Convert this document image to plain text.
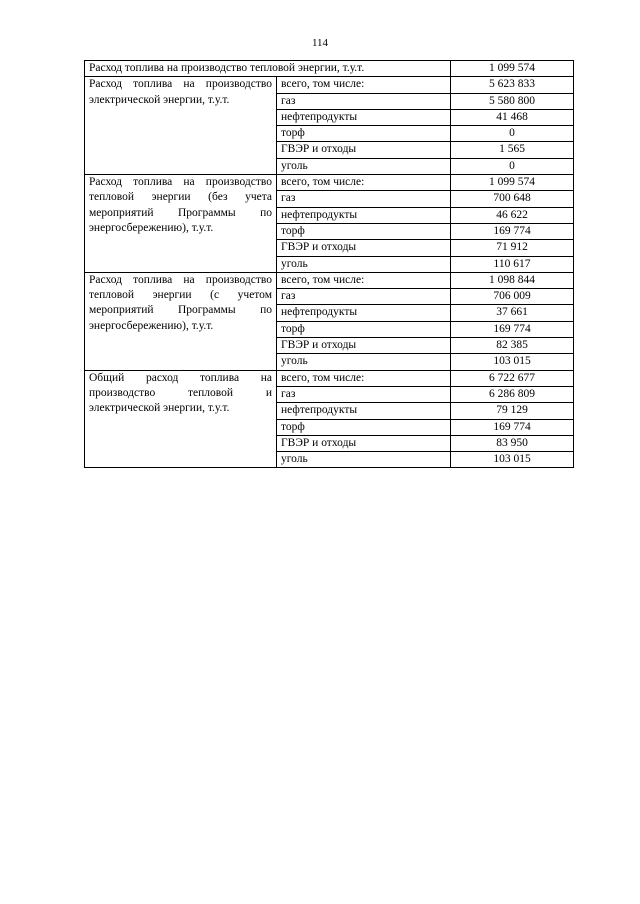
114
Расход топлива на производство тепловой энергии, т.у.т.		1 099 574
Расход топлива на производство электрической энергии, т.у.т.	всего, том числе:	5 623 833
	газ	5 580 800
	нефтепродукты	41 468
	торф	0
	ГВЭР и отходы	1 565
	уголь	0
Расход топлива на производство тепловой энергии (без учета мероприятий Программы по энергосбережению), т.у.т.	всего, том числе:	1 099 574
	газ	700 648
	нефтепродукты	46 622
	торф	169 774
	ГВЭР и отходы	71 912
	уголь	110 617
Расход топлива на производство тепловой энергии (с учетом мероприятий Программы по энергосбережению), т.у.т.	всего, том числе:	1 098 844
	газ	706 009
	нефтепродукты	37 661
	торф	169 774
	ГВЭР и отходы	82 385
	уголь	103 015
Общий расход топлива на производство тепловой и электрической энергии, т.у.т.	всего, том числе:	6 722 677
	газ	6 286 809
	нефтепродукты	79 129
	торф	169 774
	ГВЭР и отходы	83 950
	уголь	103 015
